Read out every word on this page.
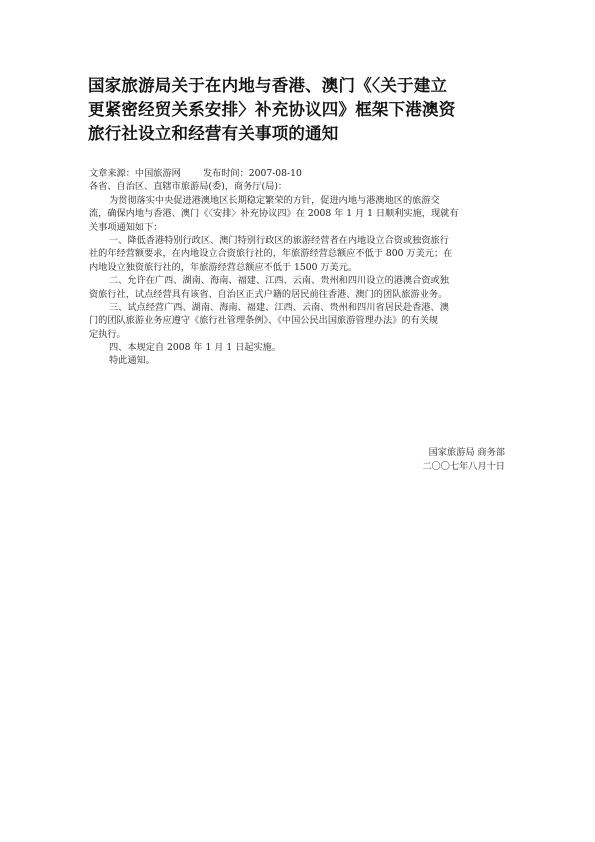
国家旅游局关于在内地与香港、澳门《〈关于建立
更紧密经贸关系安排〉补充协议四》框架下港澳资
旅行社设立和经营有关事项的通知
文章来源：中国旅游网 发布时间：2007-08-10
各省、自治区、直辖市旅游局(委)，商务厅(局)：
为贯彻落实中央促进港澳地区长期稳定繁荣的方针，促进内地与港澳地区的旅游交
流，确保内地与香港、澳门《〈安排〉补充协议四》在 2008 年 1 月 1 日顺利实施，现就有
关事项通知如下：
一、降低香港特别行政区、澳门特别行政区的旅游经营者在内地设立合资或独资旅行
社的年经营额要求，在内地设立合资旅行社的，年旅游经营总额应不低于 800 万美元；在
内地设立独资旅行社的，年旅游经营总额应不低于 1500 万美元。
二、允许在广西、湖南、海南、福建、江西、云南、贵州和四川设立的港澳合资或独
资旅行社，试点经营具有该省、自治区正式户籍的居民前往香港、澳门的团队旅游业务。
三、试点经营广西、湖南、海南、福建、江西、云南、贵州和四川省居民赴香港、澳
门的团队旅游业务应遵守《旅行社管理条例》、《中国公民出国旅游管理办法》的有关规
定执行。
四、本规定自 2008 年 1 月 1 日起实施。
特此通知。
国家旅游局 商务部
二〇〇七年八月十日
